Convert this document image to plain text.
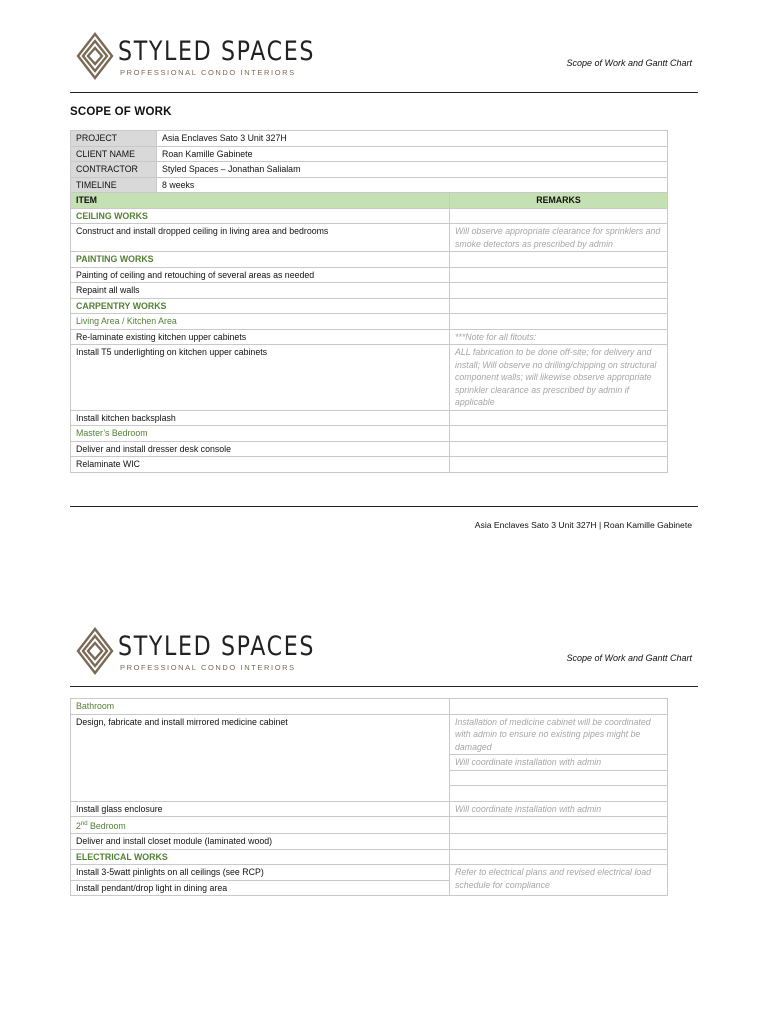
STYLED SPACES
PROFESSIONAL CONDO INTERIORS
Scope of Work and Gantt Chart
SCOPE OF WORK
PROJECT	Asia Enclaves Sato 3 Unit 327H	
CLIENT NAME	Roan Kamille Gabinete	
CONTRACTOR	Styled Spaces – Jonathan Salialam	
TIMELINE	8 weeks	
ITEM		REMARKS
CEILING WORKS		
Construct and install dropped ceiling in living area and bedrooms		Will observe appropriate clearance for sprinklers and smoke detectors as prescribed by admin
PAINTING WORKS		
Painting of ceiling and retouching of several areas as needed		
Repaint all walls		
CARPENTRY WORKS		
Living Area / Kitchen Area		
Re-laminate existing kitchen upper cabinets		***Note for all fitouts:
Install T5 underlighting on kitchen upper cabinets		ALL fabrication to be done off-site; for delivery and install; Will observe no drilling/chipping on structural component walls; will likewise observe appropriate sprinkler clearance as prescribed by admin if applicable
Install kitchen backsplash		
Master’s Bedroom		
Deliver and install dresser desk console		
Relaminate WIC		
Asia Enclaves Sato 3 Unit 327H | Roan Kamille Gabinete
STYLED SPACES
PROFESSIONAL CONDO INTERIORS
Scope of Work and Gantt Chart
Bathroom	
Design, fabricate and install mirrored medicine cabinet	Installation of medicine cabinet will be coordinated with admin to ensure no existing pipes might be damaged
	Will coordinate installation with admin

Install glass enclosure	Will coordinate installation with admin
2nd Bedroom	
Deliver and install closet module (laminated wood)	
ELECTRICAL WORKS	
Install 3-5watt pinlights on all ceilings (see RCP)	Refer to electrical plans and revised electrical load schedule for compliance
Install pendant/drop light in dining area	
